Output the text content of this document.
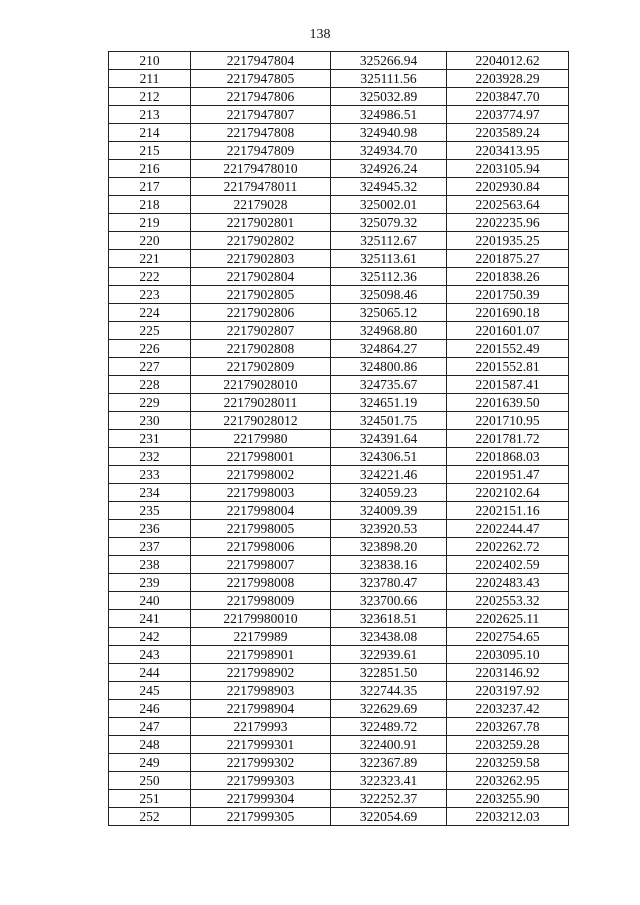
138
210	2217947804	325266.94	2204012.62
211	2217947805	325111.56	2203928.29
212	2217947806	325032.89	2203847.70
213	2217947807	324986.51	2203774.97
214	2217947808	324940.98	2203589.24
215	2217947809	324934.70	2203413.95
216	22179478010	324926.24	2203105.94
217	22179478011	324945.32	2202930.84
218	22179028	325002.01	2202563.64
219	2217902801	325079.32	2202235.96
220	2217902802	325112.67	2201935.25
221	2217902803	325113.61	2201875.27
222	2217902804	325112.36	2201838.26
223	2217902805	325098.46	2201750.39
224	2217902806	325065.12	2201690.18
225	2217902807	324968.80	2201601.07
226	2217902808	324864.27	2201552.49
227	2217902809	324800.86	2201552.81
228	22179028010	324735.67	2201587.41
229	22179028011	324651.19	2201639.50
230	22179028012	324501.75	2201710.95
231	22179980	324391.64	2201781.72
232	2217998001	324306.51	2201868.03
233	2217998002	324221.46	2201951.47
234	2217998003	324059.23	2202102.64
235	2217998004	324009.39	2202151.16
236	2217998005	323920.53	2202244.47
237	2217998006	323898.20	2202262.72
238	2217998007	323838.16	2202402.59
239	2217998008	323780.47	2202483.43
240	2217998009	323700.66	2202553.32
241	22179980010	323618.51	2202625.11
242	22179989	323438.08	2202754.65
243	2217998901	322939.61	2203095.10
244	2217998902	322851.50	2203146.92
245	2217998903	322744.35	2203197.92
246	2217998904	322629.69	2203237.42
247	22179993	322489.72	2203267.78
248	2217999301	322400.91	2203259.28
249	2217999302	322367.89	2203259.58
250	2217999303	322323.41	2203262.95
251	2217999304	322252.37	2203255.90
252	2217999305	322054.69	2203212.03
